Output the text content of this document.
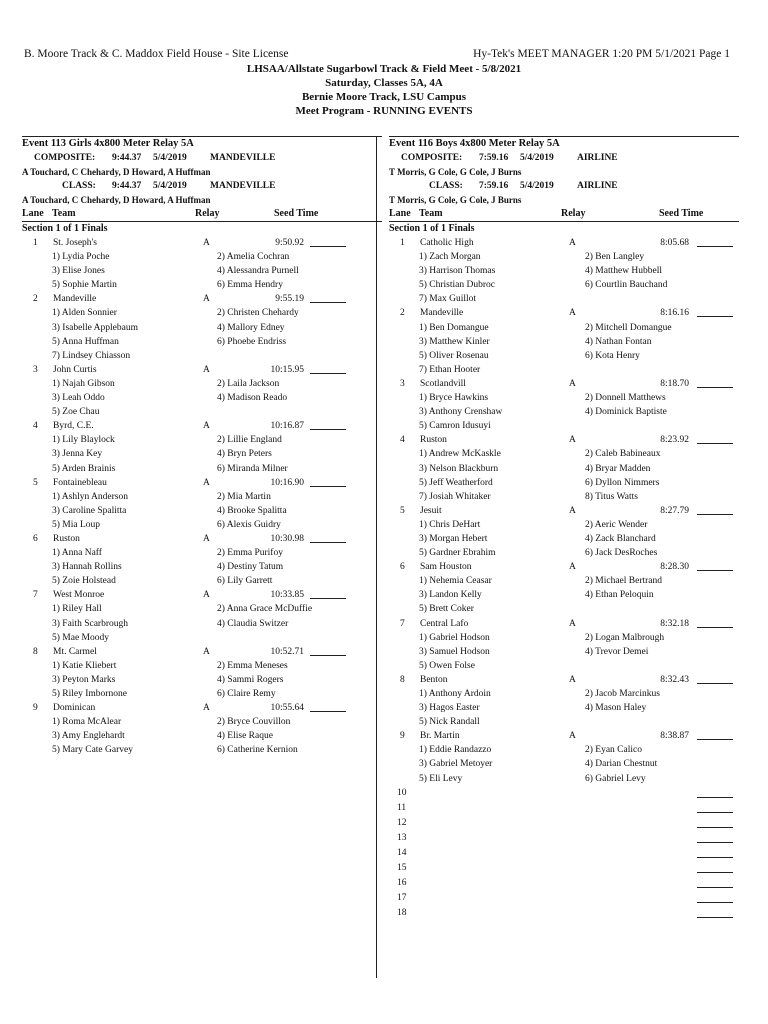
B. Moore Track & C. Maddox Field House - Site License	Hy-Tek's MEET MANAGER 1:20 PM 5/1/2021 Page 1
LHSAA/Allstate Sugarbowl Track & Field Meet - 5/8/2021
Saturday, Classes 5A, 4A
Bernie Moore Track, LSU Campus
Meet Program - RUNNING EVENTS
Event 113 Girls 4x800 Meter Relay 5A
COMPOSITE: 9:44.37 5/4/2019 MANDEVILLE
A Touchard, C Chehardy, D Howard, A Huffman
CLASS: 9:44.37 5/4/2019 MANDEVILLE
A Touchard, C Chehardy, D Howard, A Huffman
Lane Team	Relay	Seed Time
Section 1 of 1 Finals
1 St. Joseph's	A	9:50.92
1) Lydia Poche	2) Amelia Cochran
3) Elise Jones	4) Alessandra Purnell
5) Sophie Martin	6) Emma Hendry
2 Mandeville	A	9:55.19
1) Alden Sonnier	2) Christen Chehardy
3) Isabelle Applebaum	4) Mallory Edney
5) Anna Huffman	6) Phoebe Endriss
7) Lindsey Chiasson
3 John Curtis	A	10:15.95
1) Najah Gibson	2) Laila Jackson
3) Leah Oddo	4) Madison Reado
5) Zoe Chau
4 Byrd, C.E.	A	10:16.87
1) Lily Blaylock	2) Lillie England
3) Jenna Key	4) Bryn Peters
5) Arden Brainis	6) Miranda Milner
5 Fontainebleau	A	10:16.90
1) Ashlyn Anderson	2) Mia Martin
3) Caroline Spalitta	4) Brooke Spalitta
5) Mia Loup	6) Alexis Guidry
6 Ruston	A	10:30.98
1) Anna Naff	2) Emma Purifoy
3) Hannah Rollins	4) Destiny Tatum
5) Zoie Holstead	6) Lily Garrett
7 West Monroe	A	10:33.85
1) Riley Hall	2) Anna Grace McDuffie
3) Faith Scarbrough	4) Claudia Switzer
5) Mae Moody
8 Mt. Carmel	A	10:52.71
1) Katie Kliebert	2) Emma Meneses
3) Peyton Marks	4) Sammi Rogers
5) Riley Imbornone	6) Claire Remy
9 Dominican	A	10:55.64
1) Roma McAlear	2) Bryce Couvillon
3) Amy Englehardt	4) Elise Raque
5) Mary Cate Garvey	6) Catherine Kernion
Event 116 Boys 4x800 Meter Relay 5A
COMPOSITE: 7:59.16 5/4/2019 AIRLINE
T Morris, G Cole, G Cole, J Burns
CLASS: 7:59.16 5/4/2019 AIRLINE
T Morris, G Cole, G Cole, J Burns
Lane Team	Relay	Seed Time
Section 1 of 1 Finals
1 Catholic High	A	8:05.68
1) Zach Morgan	2) Ben Langley
3) Harrison Thomas	4) Matthew Hubbell
5) Christian Dubroc	6) Courtlin Bauchand
7) Max Guillot
2 Mandeville	A	8:16.16
1) Ben Domangue	2) Mitchell Domangue
3) Matthew Kinler	4) Nathan Fontan
5) Oliver Rosenau	6) Kota Henry
7) Ethan Hooter
3 Scotlandvill	A	8:18.70
1) Bryce Hawkins	2) Donnell Matthews
3) Anthony Crenshaw	4) Dominick Baptiste
5) Camron Idusuyi
4 Ruston	A	8:23.92
1) Andrew McKaskle	2) Caleb Babineaux
3) Nelson Blackburn	4) Bryar Madden
5) Jeff Weatherford	6) Dyllon Nimmers
7) Josiah Whitaker	8) Titus Watts
5 Jesuit	A	8:27.79
1) Chris DeHart	2) Aeric Wender
3) Morgan Hebert	4) Zack Blanchard
5) Gardner Ebrahim	6) Jack DesRoches
6 Sam Houston	A	8:28.30
1) Nehemia Ceasar	2) Michael Bertrand
3) Landon Kelly	4) Ethan Peloquin
5) Brett Coker
7 Central Lafo	A	8:32.18
1) Gabriel Hodson	2) Logan Malbrough
3) Samuel Hodson	4) Trevor Demei
5) Owen Folse
8 Benton	A	8:32.43
1) Anthony Ardoin	2) Jacob Marcinkus
3) Hagos Easter	4) Mason Haley
5) Nick Randall
9 Br. Martin	A	8:38.87
1) Eddie Randazzo	2) Eyan Calico
3) Gabriel Metoyer	4) Darian Chestnut
5) Eli Levy	6) Gabriel Levy
10
11
12
13
14
15
16
17
18
